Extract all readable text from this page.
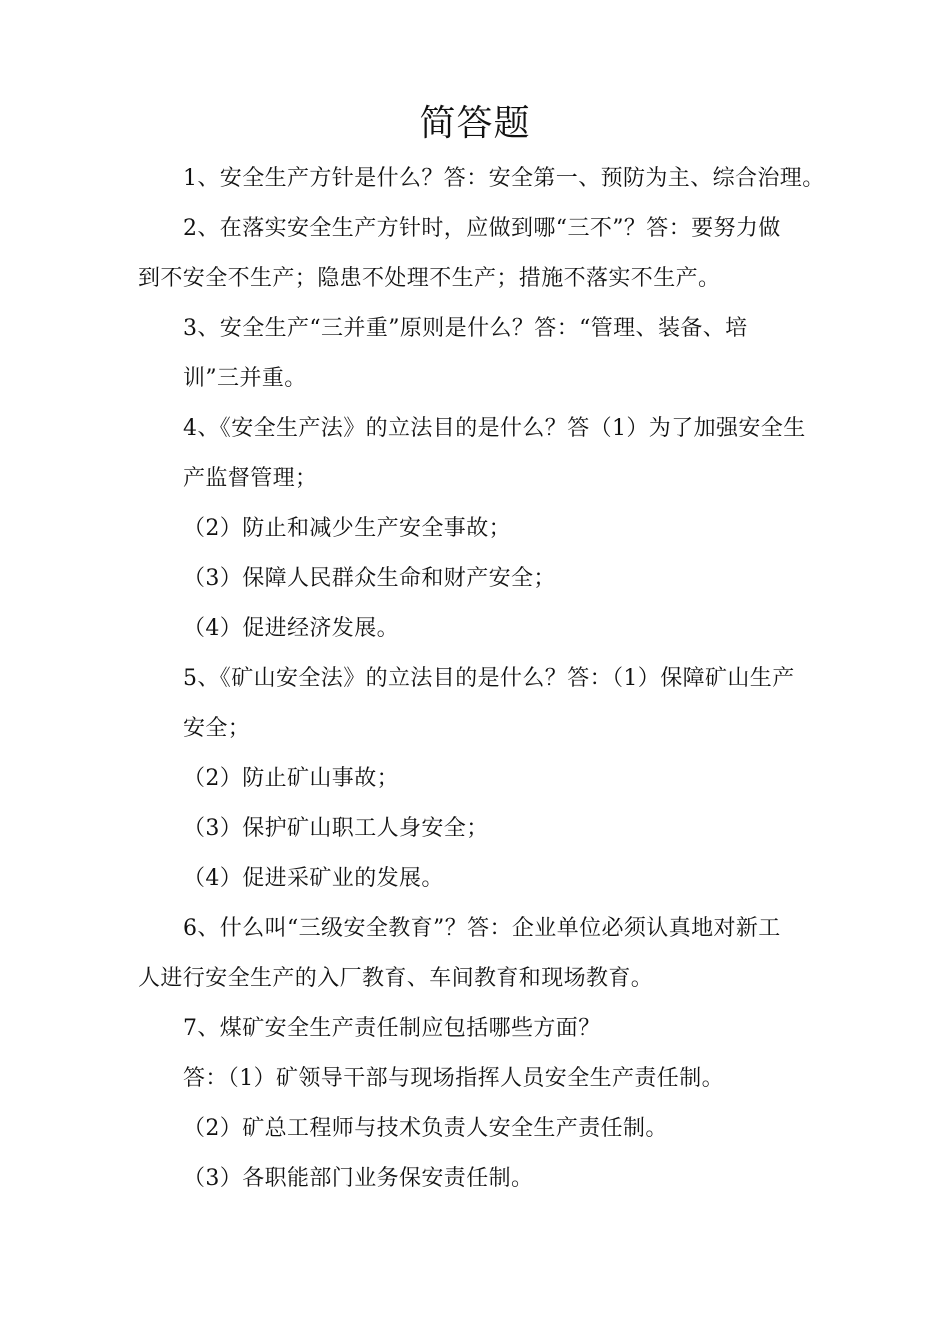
简答题
1、安全生产方针是什么？答：安全第一、预防为主、综合治理。
2、在落实安全生产方针时，应做到哪“三不”？答：要努力做
到不安全不生产；隐患不处理不生产；措施不落实不生产。
3、安全生产“三并重”原则是什么？答：“管理、装备、培
训”三并重。
4、《安全生产法》的立法目的是什么？答（1）为了加强安全生
产监督管理；
（2）防止和减少生产安全事故；
（3）保障人民群众生命和财产安全；
（4）促进经济发展。
5、《矿山安全法》的立法目的是什么？答：（1）保障矿山生产
安全；
（2）防止矿山事故；
（3）保护矿山职工人身安全；
（4）促进采矿业的发展。
6、什么叫“三级安全教育”？答：企业单位必须认真地对新工
人进行安全生产的入厂教育、车间教育和现场教育。
7、煤矿安全生产责任制应包括哪些方面？
答：（1）矿领导干部与现场指挥人员安全生产责任制。
（2）矿总工程师与技术负责人安全生产责任制。
（3）各职能部门业务保安责任制。
